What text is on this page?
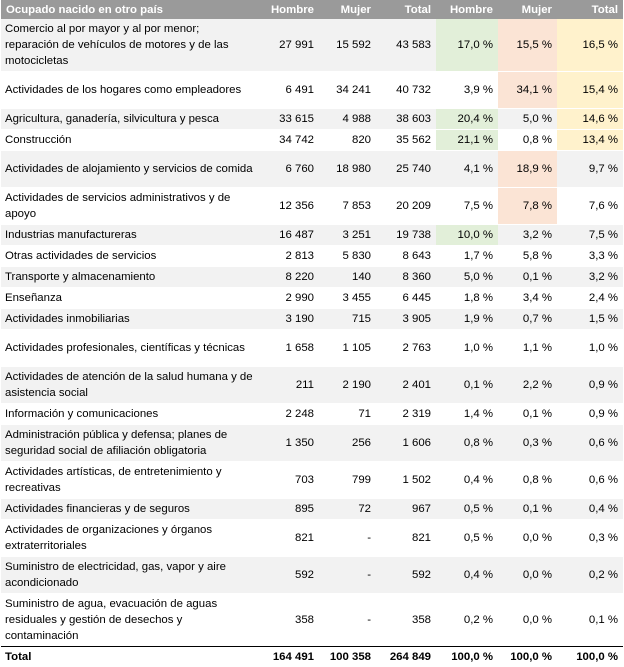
Ocupado nacido en otro país	Hombre	Mujer	Total	Hombre	Mujer	Total
Comercio al por mayor y al por menor; reparación de vehículos de motores y de las motocicletas	27 991	15 592	43 583	17,0 %	15,5 %	16,5 %
Actividades de los hogares como empleadores	6 491	34 241	40 732	3,9 %	34,1 %	15,4 %
Agricultura, ganadería, silvicultura y pesca	33 615	4 988	38 603	20,4 %	5,0 %	14,6 %
Construcción	34 742	820	35 562	21,1 %	0,8 %	13,4 %
Actividades de alojamiento y servicios de comida	6 760	18 980	25 740	4,1 %	18,9 %	9,7 %
Actividades de servicios administrativos y de apoyo	12 356	7 853	20 209	7,5 %	7,8 %	7,6 %
Industrias manufactureras	16 487	3 251	19 738	10,0 %	3,2 %	7,5 %
Otras actividades de servicios	2 813	5 830	8 643	1,7 %	5,8 %	3,3 %
Transporte y almacenamiento	8 220	140	8 360	5,0 %	0,1 %	3,2 %
Enseñanza	2 990	3 455	6 445	1,8 %	3,4 %	2,4 %
Actividades inmobiliarias	3 190	715	3 905	1,9 %	0,7 %	1,5 %
Actividades profesionales, científicas y técnicas	1 658	1 105	2 763	1,0 %	1,1 %	1,0 %
Actividades de atención de la salud humana y de asistencia social	211	2 190	2 401	0,1 %	2,2 %	0,9 %
Información y comunicaciones	2 248	71	2 319	1,4 %	0,1 %	0,9 %
Administración pública y defensa; planes de seguridad social de afiliación obligatoria	1 350	256	1 606	0,8 %	0,3 %	0,6 %
Actividades artísticas, de entretenimiento y recreativas	703	799	1 502	0,4 %	0,8 %	0,6 %
Actividades financieras y de seguros	895	72	967	0,5 %	0,1 %	0,4 %
Actividades de organizaciones y órganos extraterritoriales	821	-	821	0,5 %	0,0 %	0,3 %
Suministro de electricidad, gas, vapor y aire acondicionado	592	-	592	0,4 %	0,0 %	0,2 %
Suministro de agua, evacuación de aguas residuales y gestión de desechos y contaminación	358	-	358	0,2 %	0,0 %	0,1 %
Total	164 491	100 358	264 849	100,0 %	100,0 %	100,0 %
